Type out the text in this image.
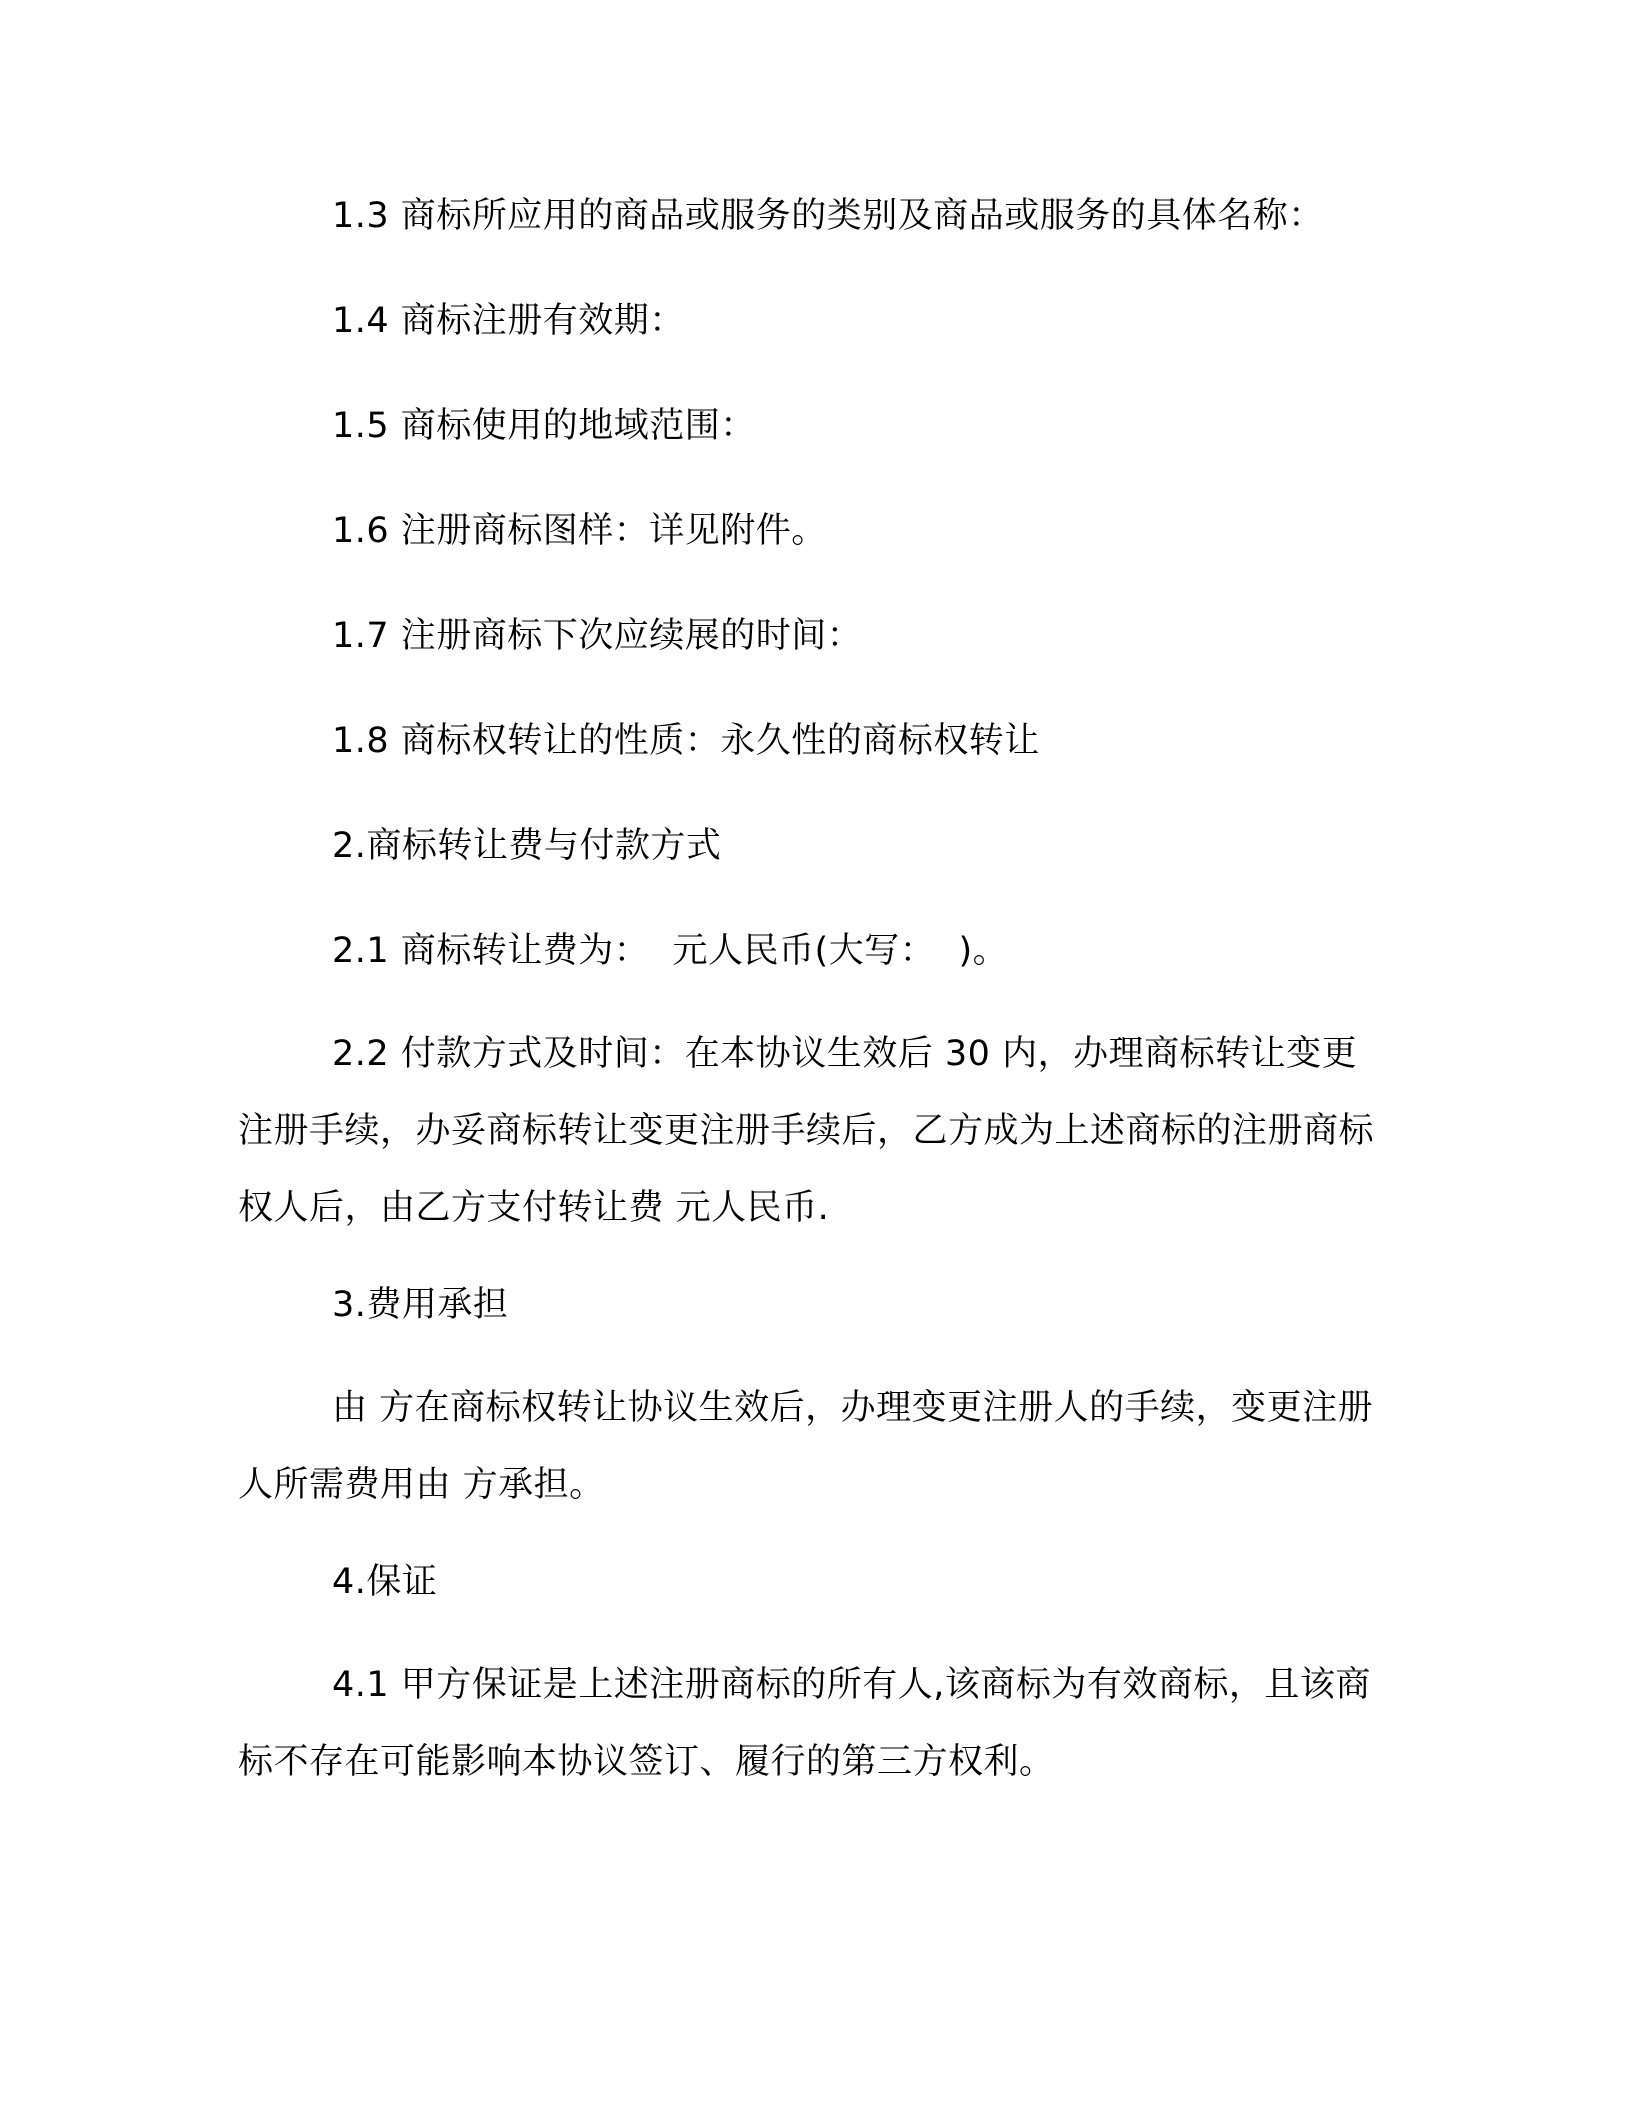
1.3 商标所应用的商品或服务的类别及商品或服务的具体名称：

1.4 商标注册有效期：

1.5 商标使用的地域范围：

1.6 注册商标图样：详见附件。

1.7 注册商标下次应续展的时间：

1.8 商标权转让的性质：永久性的商标权转让

2.商标转让费与付款方式

2.1 商标转让费为：  元人民币(大写：  )。

2.2 付款方式及时间：在本协议生效后 30 内，办理商标转让变更注册手续，办妥商标转让变更注册手续后，乙方成为上述商标的注册商标权人后，由乙方支付转让费 元人民币.

3.费用承担

由 方在商标权转让协议生效后，办理变更注册人的手续，变更注册人所需费用由 方承担。

4.保证

4.1 甲方保证是上述注册商标的所有人,该商标为有效商标，且该商标不存在可能影响本协议签订、履行的第三方权利。
